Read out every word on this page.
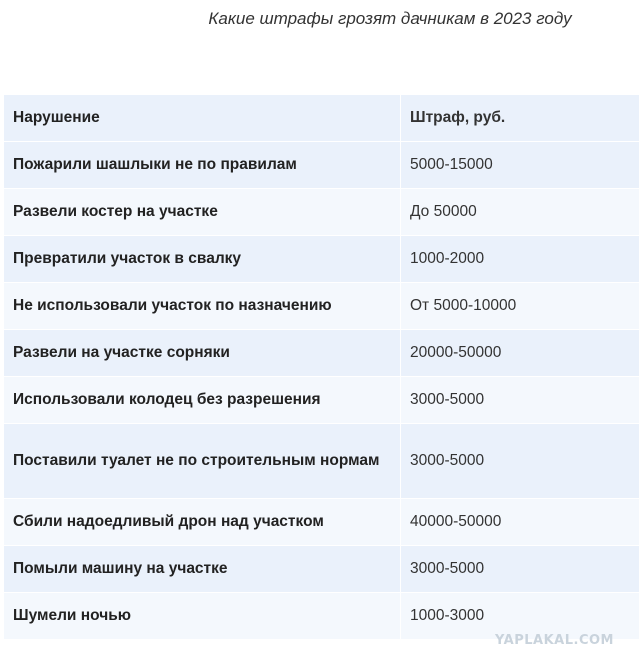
Какие штрафы грозят дачникам в 2023 году
Нарушение	Штраф, руб.
Пожарили шашлыки не по правилам	5000-15000
Развели костер на участке	До 50000
Превратили участок в свалку	1000-2000
Не использовали участок по назначению	От 5000-10000
Развели на участке сорняки	20000-50000
Использовали колодец без разрешения	3000-5000
Поставили туалет не по строительным нормам	3000-5000
Сбили надоедливый дрон над участком	40000-50000
Помыли машину на участке	3000-5000
Шумели ночью	1000-3000
YAPLAKAL.COM
